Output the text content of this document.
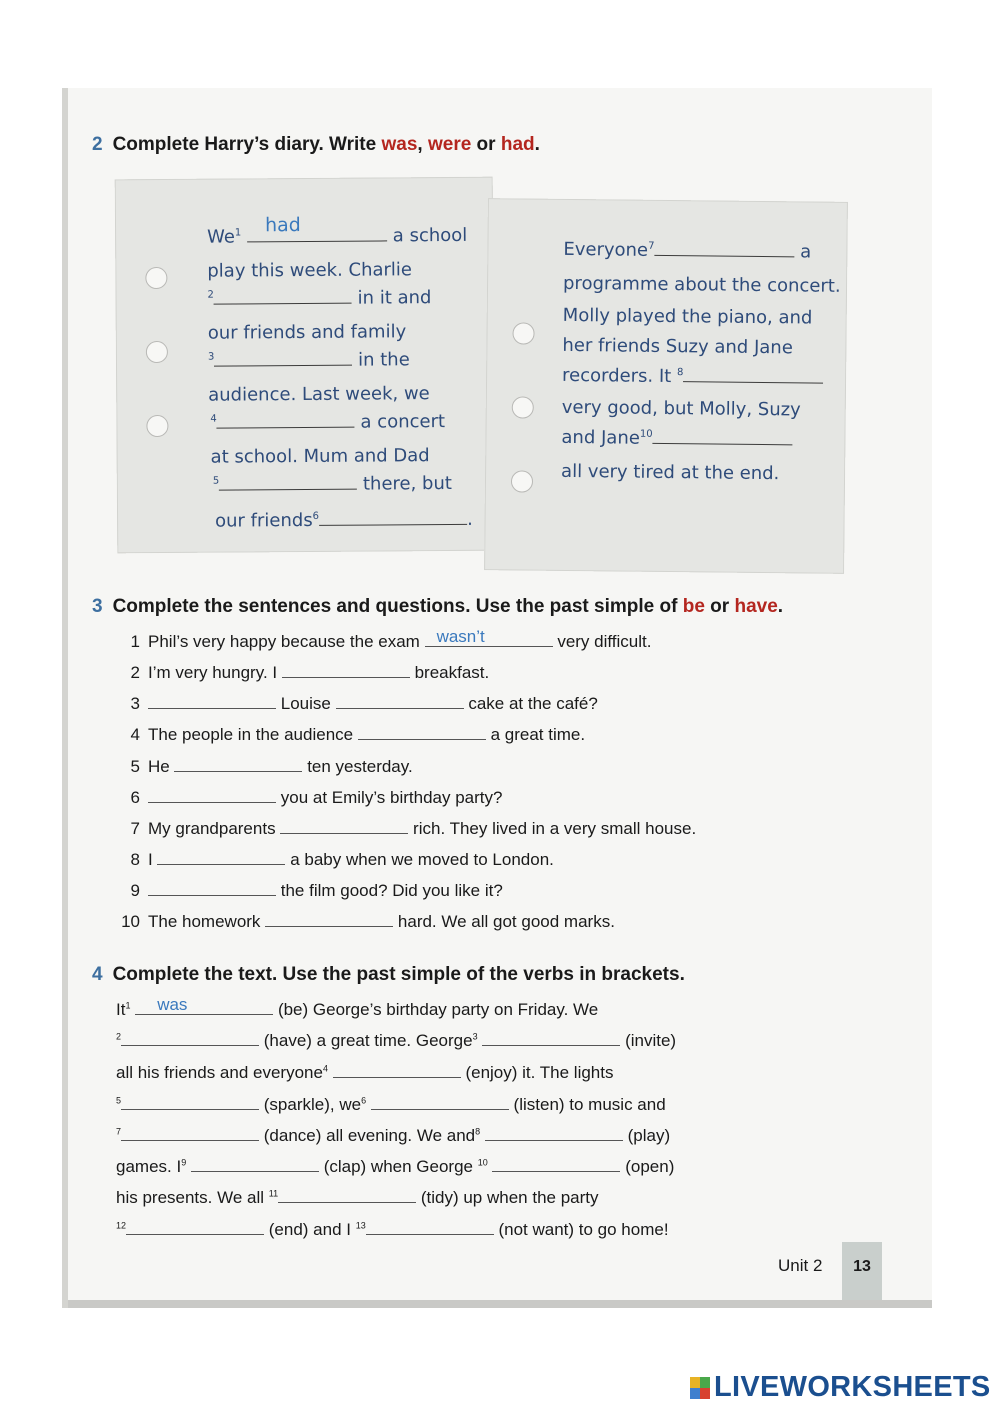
2 Complete Harry’s diary. Write was, were or had.
We$^1$	a school
had
play this week. Charlie
$^2$	in it and
our friends and family
$^3$	in the
audience. Last week, we
$^4$	a concert
at school. Mum and Dad
$^5$	there, but
our friends$^6$	.
Everyone$^7$	a
programme about the concert.
Molly played the piano, and
her friends Suzy and Jane
recorders. It $^8$
very good, but Molly, Suzy
and Jane$^{10}$
all very tired at the end.
3 Complete the sentences and questions. Use the past simple of be or have.
1 Phil’s very happy because the exam wasn’t	very difficult.
2 I’m very hungry. I	breakfast.
3	Louise	cake at the café?
4 The people in the audience	a great time.
5 He	ten yesterday.
6	you at Emily’s birthday party?
7 My grandparents	rich. They lived in a very small house.
8 I	a baby when we moved to London.
9	the film good? Did you like it?
10 The homework	hard. We all got good marks.
4 Complete the text. Use the past simple of the verbs in brackets.
It$^1$ was	(be) George’s birthday party on Friday. We
$^2$	(have) a great time. George$^3$	(invite)
all his friends and everyone$^4$	(enjoy) it. The lights
$^5$	(sparkle), $we^6$	(listen) to music and
$^7$	(dance) all evening. We and$^8$	(play)
games. $I^9$	(clap) when George $^{10}$	(open)
his presents. We all $^{11}$	(tidy) up when the party
$^{12}$	(end) and I $^{13}$	(not want) to go home!
Unit 2	13
LIVEWORKSHEETS
